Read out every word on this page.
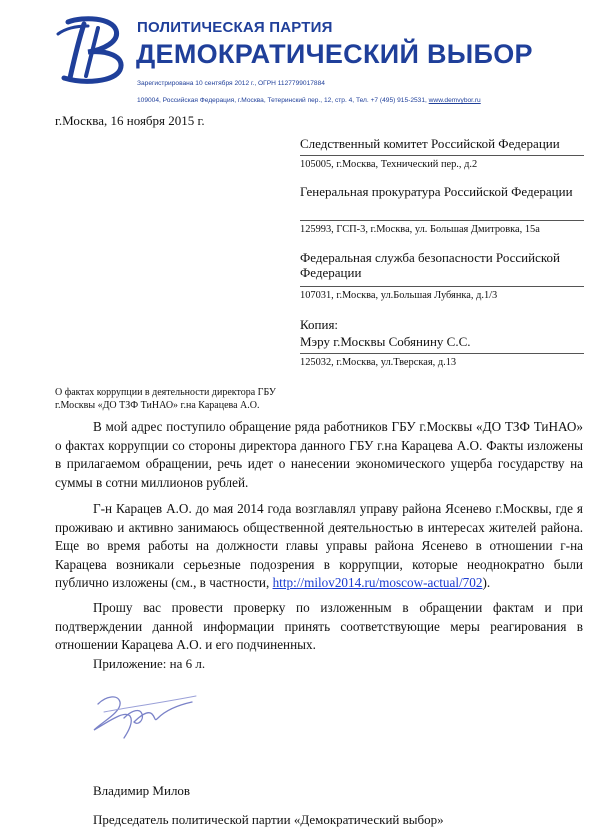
ПОЛИТИЧЕСКАЯ ПАРТИЯ
ДЕМОКРАТИЧЕСКИЙ ВЫБОР
Зарегистрирована 10 сентября 2012 г., ОГРН 1127799017884
109004, Российская Федерация, г.Москва, Тетеринский пер., 12, стр. 4, Тел. +7 (495) 915-2531, www.demvybor.ru
г.Москва, 16 ноября 2015 г.
Следственный комитет Российской Федерации
105005, г.Москва, Технический пер., д.2
Генеральная прокуратура Российской Федерации
125993, ГСП-3, г.Москва, ул. Большая Дмитровка, 15а
Федеральная служба безопасности Российской Федерации
107031, г.Москва, ул.Большая Лубянка, д.1/3
Копия:
Мэру г.Москвы Собянину С.С.
125032, г.Москва, ул.Тверская, д.13
О фактах коррупции в деятельности директора ГБУ
г.Москвы «ДО ТЗФ ТиНАО» г.на Карацева А.О.
В мой адрес поступило обращение ряда работников ГБУ г.Москвы «ДО ТЗФ ТиНАО» о фактах коррупции со стороны директора данного ГБУ г.на Карацева А.О. Факты изложены в прилагаемом обращении, речь идет о нанесении экономического ущерба государству на суммы в сотни миллионов рублей.
Г-н Карацев А.О. до мая 2014 года возглавлял управу района Ясенево г.Москвы, где я проживаю и активно занимаюсь общественной деятельностью в интересах жителей района. Еще во время работы на должности главы управы района Ясенево в отношении г-на Карацева возникали серьезные подозрения в коррупции, которые неоднократно были публично изложены (см., в частности, http://milov2014.ru/moscow-actual/702).
Прошу вас провести проверку по изложенным в обращении фактам и при подтверждении данной информации принять соответствующие меры реагирования в отношении Карацева А.О. и его подчиненных.
Приложение: на 6 л.
Владимир Милов
Председатель политической партии «Демократический выбор»
